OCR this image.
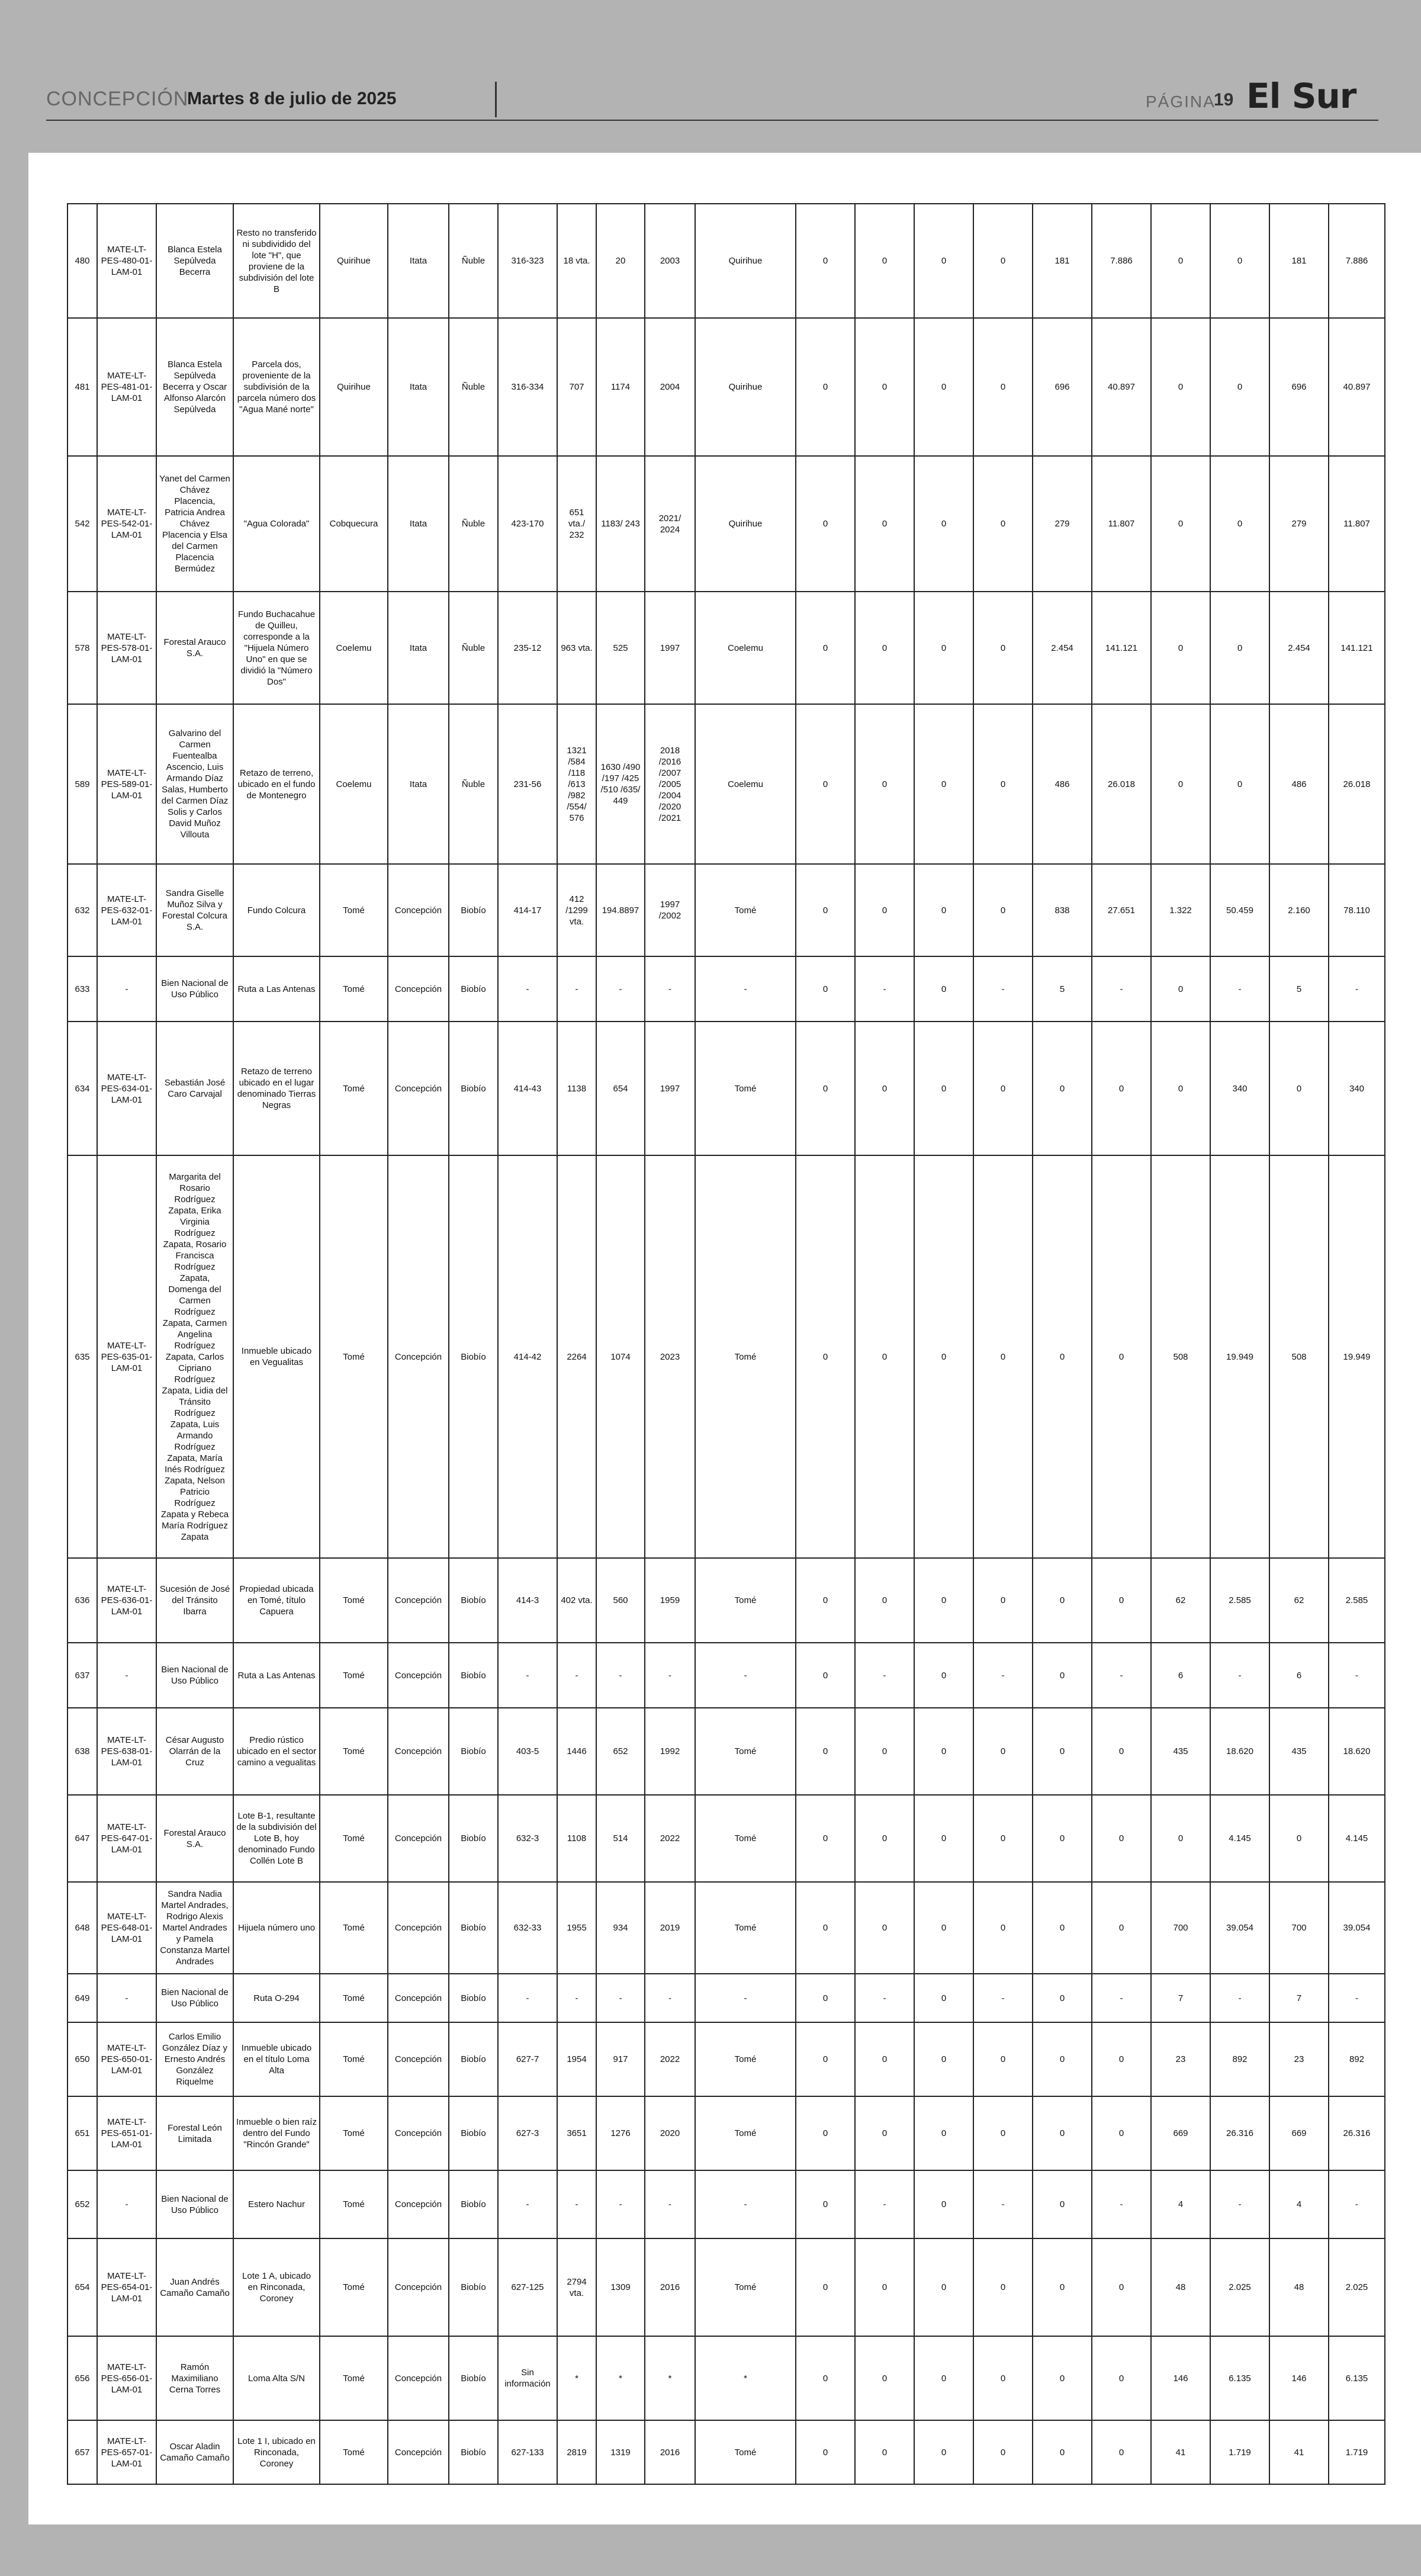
CONCEPCIÓN
Martes 8 de julio de 2025	PÁGINA
19 El Sur
480	MATE-LT-PES-480-01-LAM-01	Blanca Estela Sepúlveda Becerra	Resto no transferido ni subdividido del lote "H", que proviene de la subdivisión del lote B	Quirihue	Itata	Ñuble	316-323	18 vta.	20	2003	Quirihue	0	0	0	0	181	7.886	0	0	181	7.886
481	MATE-LT-PES-481-01-LAM-01	Blanca Estela Sepúlveda Becerra y Oscar Alfonso Alarcón Sepúlveda	Parcela dos, proveniente de la subdivisión de la parcela número dos "Agua Mané norte"	Quirihue	Itata	Ñuble	316-334	707	1174	2004	Quirihue	0	0	0	0	696	40.897	0	0	696	40.897
542	MATE-LT-PES-542-01-LAM-01	Yanet del Carmen Chávez Placencia, Patricia Andrea Chávez Placencia y Elsa del Carmen Placencia Bermúdez	"Agua Colorada"	Cobquecura	Itata	Ñuble	423-170	651 vta./ 232	1183/ 243	2021/ 2024	Quirihue	0	0	0	0	279	11.807	0	0	279	11.807
578	MATE-LT-PES-578-01-LAM-01	Forestal Arauco S.A.	Fundo Buchacahue de Quilleu, corresponde a la "Hijuela Número Uno" en que se dividió la "Número Dos"	Coelemu	Itata	Ñuble	235-12	963 vta.	525	1997	Coelemu	0	0	0	0	2.454	141.121	0	0	2.454	141.121
589	MATE-LT-PES-589-01-LAM-01	Galvarino del Carmen Fuentealba Ascencio, Luis Armando Díaz Salas, Humberto del Carmen Díaz Solis y Carlos David Muñoz Villouta	Retazo de terreno, ubicado en el fundo de Montenegro	Coelemu	Itata	Ñuble	231-56	1321 /584 /118 /613 /982 /554/ 576	1630 /490 /197 /425 /510 /635/ 449	2018 /2016 /2007 /2005 /2004 /2020 /2021	Coelemu	0	0	0	0	486	26.018	0	0	486	26.018
632	MATE-LT-PES-632-01-LAM-01	Sandra Giselle Muñoz Silva y Forestal Colcura S.A.	Fundo Colcura	Tomé	Concepción	Biobío	414-17	412 /1299 vta.	194.8897	1997 /2002	Tomé	0	0	0	0	838	27.651	1.322	50.459	2.160	78.110
633	-	Bien Nacional de Uso Público	Ruta a Las Antenas	Tomé	Concepción	Biobío	-	-	-	-	-	0	-	0	-	5	-	0	-	5	-
634	MATE-LT-PES-634-01-LAM-01	Sebastián José Caro Carvajal	Retazo de terreno ubicado en el lugar denominado Tierras Negras	Tomé	Concepción	Biobío	414-43	1138	654	1997	Tomé	0	0	0	0	0	0	0	340	0	340
635	MATE-LT-PES-635-01-LAM-01	Margarita del Rosario Rodríguez Zapata, Erika Virginia Rodríguez Zapata, Rosario Francisca Rodríguez Zapata, Domenga del Carmen Rodríguez Zapata, Carmen Angelina Rodríguez Zapata, Carlos Cipriano Rodríguez Zapata, Lidia del Tránsito Rodríguez Zapata, Luis Armando Rodríguez Zapata, María Inés Rodríguez Zapata, Nelson Patricio Rodríguez Zapata y Rebeca María Rodríguez Zapata	Inmueble ubicado en Vegualitas	Tomé	Concepción	Biobío	414-42	2264	1074	2023	Tomé	0	0	0	0	0	0	508	19.949	508	19.949
636	MATE-LT-PES-636-01-LAM-01	Sucesión de José del Tránsito Ibarra	Propiedad ubicada en Tomé, título Capuera	Tomé	Concepción	Biobío	414-3	402 vta.	560	1959	Tomé	0	0	0	0	0	0	62	2.585	62	2.585
637	-	Bien Nacional de Uso Público	Ruta a Las Antenas	Tomé	Concepción	Biobío	-	-	-	-	-	0	-	0	-	0	-	6	-	6	-
638	MATE-LT-PES-638-01-LAM-01	César Augusto Olarrán de la Cruz	Predio rústico ubicado en el sector camino a vegualitas	Tomé	Concepción	Biobío	403-5	1446	652	1992	Tomé	0	0	0	0	0	0	435	18.620	435	18.620
647	MATE-LT-PES-647-01-LAM-01	Forestal Arauco S.A.	Lote B-1, resultante de la subdivisión del Lote B, hoy denominado Fundo Collén Lote B	Tomé	Concepción	Biobío	632-3	1108	514	2022	Tomé	0	0	0	0	0	0	0	4.145	0	4.145
648	MATE-LT-PES-648-01-LAM-01	Sandra Nadia Martel Andrades, Rodrigo Alexis Martel Andrades y Pamela Constanza Martel Andrades	Hijuela número uno	Tomé	Concepción	Biobío	632-33	1955	934	2019	Tomé	0	0	0	0	0	0	700	39.054	700	39.054
649	-	Bien Nacional de Uso Público	Ruta O-294	Tomé	Concepción	Biobío	-	-	-	-	-	0	-	0	-	0	-	7	-	7	-
650	MATE-LT-PES-650-01-LAM-01	Carlos Emilio González Díaz y Ernesto Andrés González Riquelme	Inmueble ubicado en el título Loma Alta	Tomé	Concepción	Biobío	627-7	1954	917	2022	Tomé	0	0	0	0	0	0	23	892	23	892
651	MATE-LT-PES-651-01-LAM-01	Forestal León Limitada	Inmueble o bien raíz dentro del Fundo "Rincón Grande"	Tomé	Concepción	Biobío	627-3	3651	1276	2020	Tomé	0	0	0	0	0	0	669	26.316	669	26.316
652	-	Bien Nacional de Uso Público	Estero Nachur	Tomé	Concepción	Biobío	-	-	-	-	-	0	-	0	-	0	-	4	-	4	-
654	MATE-LT-PES-654-01-LAM-01	Juan Andrés Camaño Camaño	Lote 1 A, ubicado en Rinconada, Coroney	Tomé	Concepción	Biobío	627-125	2794 vta.	1309	2016	Tomé	0	0	0	0	0	0	48	2.025	48	2.025
656	MATE-LT-PES-656-01-LAM-01	Ramón Maximiliano Cerna Torres	Loma Alta S/N	Tomé	Concepción	Biobío	Sin información	*	*	*	*	0	0	0	0	0	0	146	6.135	146	6.135
657	MATE-LT-PES-657-01-LAM-01	Oscar Aladin Camaño Camaño	Lote 1 I, ubicado en Rinconada, Coroney	Tomé	Concepción	Biobío	627-133	2819	1319	2016	Tomé	0	0	0	0	0	0	41	1.719	41	1.719
